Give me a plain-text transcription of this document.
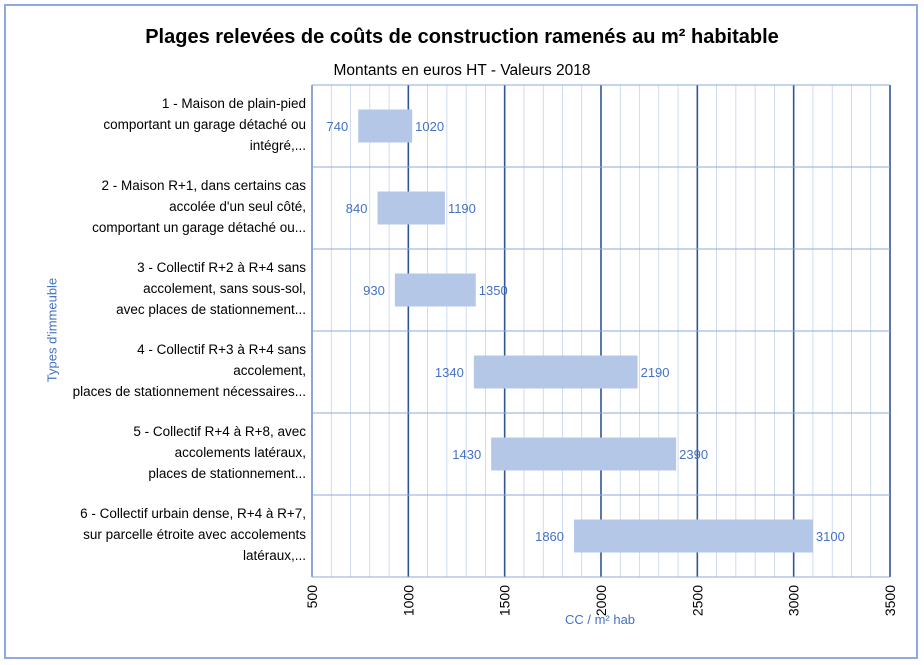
Plages relevées de coûts de construction ramenés au m² habitable
Montants en euros HT - Valeurs 2018
1 - Maison de plain-pied
comportant un garage détaché ou
intégré,...
2 - Maison R+1, dans certains cas
accolée d'un seul côté,
comportant un garage détaché ou...
3 - Collectif R+2 à R+4 sans
accolement, sans sous-sol,
avec places de stationnement...
4 - Collectif R+3 à R+4 sans
accolement,
places de stationnement nécessaires...
5 - Collectif R+4 à R+8, avec
accolements latéraux,
places de stationnement...
6 - Collectif urbain dense, R+4 à R+7,
sur parcelle étroite avec accolements
latéraux,...
Types d'immeuble
CC / m² hab
740	1020
840	1190
930	1350
1340	2190
1430	2390
1860	3100
500	1000	1500	2000	2500	3000	3500
